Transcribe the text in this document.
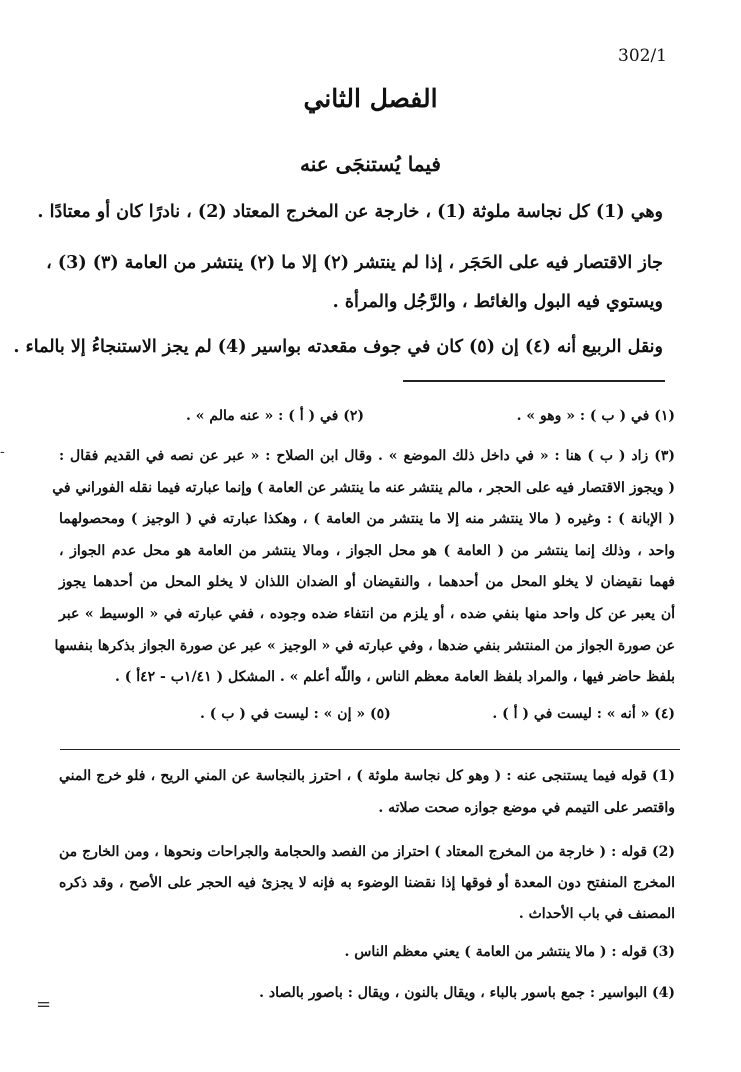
302/1
الفصل الثاني
فيما يُستنجَى عنه
وهي (1) كل نجاسة ملوثة (1) ، خارجة عن المخرج المعتاد (2) ، نادرًا كان أو معتادًا .
جاز الاقتصار فيه على الحَجَر ، إذا لم ينتشر (٢) إلا ما (٢) ينتشر من العامة (٣) (3) ،
ويستوي فيه البول والغائط ، والرَّجُل والمرأة .
ونقل الربيع أنه (٤) إن (٥) كان في جوف مقعدته بواسير (4) لم يجز الاستنجاءُ إلا بالماء .
(١) في ( ب ) : « وهو » .
(٢) في ( أ ) : « عنه مالم » .
(٣) زاد ( ب ) هنا : « في داخل ذلك الموضع » . وقال ابن الصلاح : « عبر عن نصه في القديم فقال :
( ويجوز الاقتصار فيه على الحجر ، مالم ينتشر عنه ما ينتشر عن العامة ) وإنما عبارته فيما نقله الفوراني في
( الإبانة ) : وغيره ( مالا ينتشر منه إلا ما ينتشر من العامة ) ، وهكذا عبارته في ( الوجيز ) ومحصولهما
واحد ، وذلك إنما ينتشر من ( العامة ) هو محل الجواز ، ومالا ينتشر من العامة هو محل عدم الجواز ،
فهما نقيضان لا يخلو المحل من أحدهما ، والنقيضان أو الضدان اللذان لا يخلو المحل من أحدهما يجوز
أن يعبر عن كل واحد منها بنفي ضده ، أو يلزم من انتفاء ضده وجوده ، ففي عبارته في « الوسيط » عبر
عن صورة الجواز من المنتشر بنفي ضدها ، وفي عبارته في « الوجيز » عبر عن صورة الجواز بذكرها بنفسها
بلفظ حاضر فيها ، والمراد بلفظ العامة معظم الناس ، واللّه أعلم » . المشكل ( ١/٤١ب - ٤٢أ ) .
(٤) « أنه » : ليست في ( أ ) .
(٥) « إن » : ليست في ( ب ) .
(1) قوله فيما يستنجى عنه : ( وهو كل نجاسة ملوثة ) ، احترز بالنجاسة عن المني الريح ، فلو خرج المني
واقتصر على التيمم في موضع جوازه صحت صلاته .
(2) قوله : ( خارجة من المخرج المعتاد ) احتراز من الفصد والحجامة والجراحات ونحوها ، ومن الخارج من
المخرج المنفتح دون المعدة أو فوقها إذا نقضنا الوضوء به فإنه لا يجزئ فيه الحجر على الأصح ، وقد ذكره
المصنف في باب الأحداث .
(3) قوله : ( مالا ينتشر من العامة ) يعني معظم الناس .
(4) البواسير : جمع باسور بالباء ، ويقال بالنون ، ويقال : باصور بالصاد .
=
-
